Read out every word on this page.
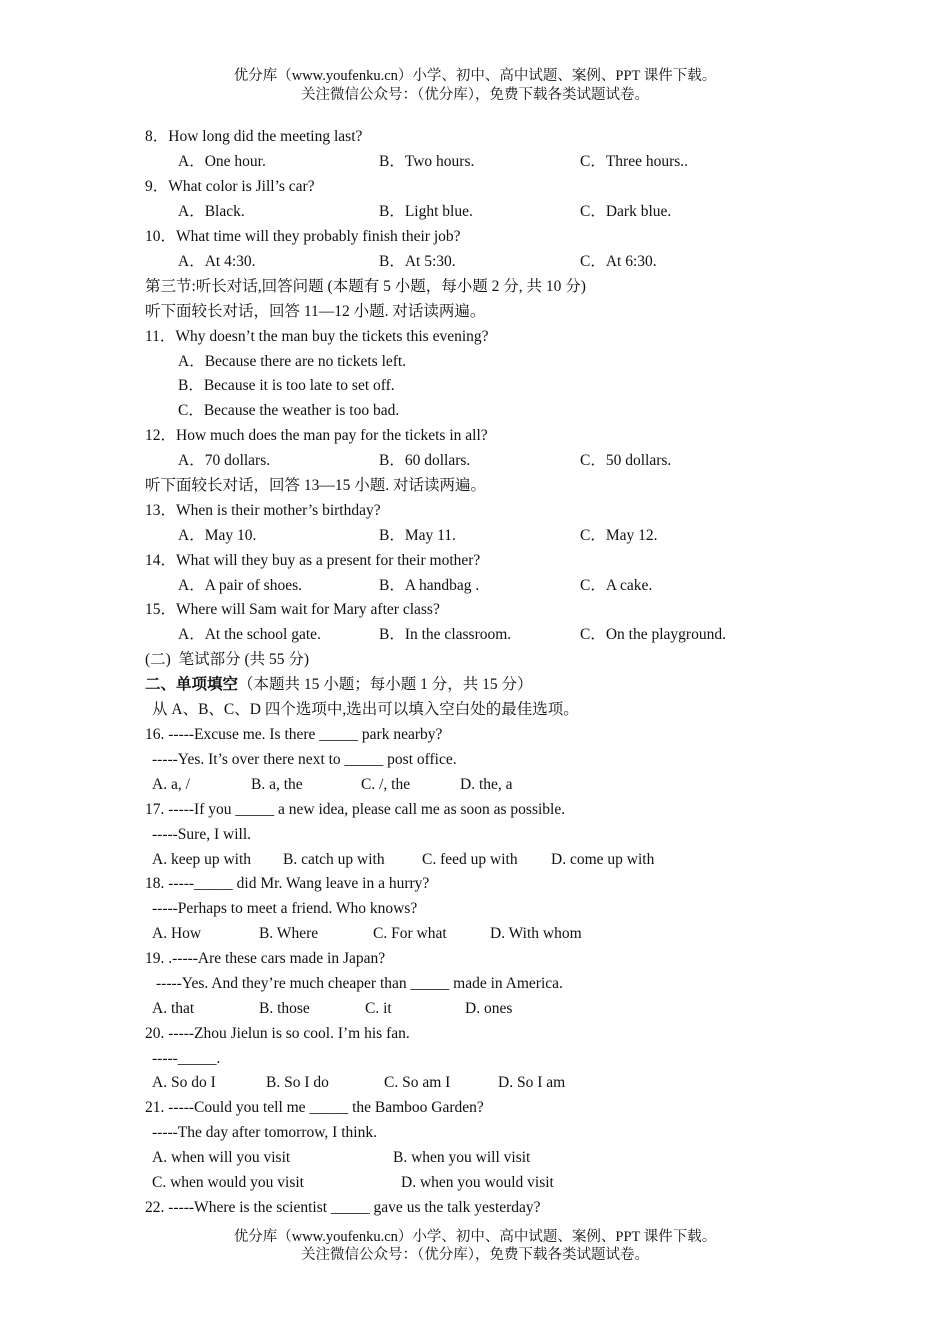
优分库（www.youfenku.cn）小学、初中、高中试题、案例、PPT 课件下载。
关注微信公众号：（优分库），免费下载各类试题试卷。
8．How long did the meeting last?
A．One hour.	B．Two hours.	C．Three hours..
9．What color is Jill’s car?
A．Black.	B．Light blue.	C．Dark blue.
10．What time will they probably finish their job?
A．At 4:30.	B．At 5:30.	C．At 6:30.
第三节:听长对话,回答问题 (本题有 5 小题，每小题 2 分, 共 10 分)
听下面较长对话，回答 11—12 小题. 对话读两遍。
11．Why doesn’t the man buy the tickets this evening?
A．Because there are no tickets left.
B．Because it is too late to set off.
C．Because the weather is too bad.
12．How much does the man pay for the tickets in all?
A．70 dollars.	B．60 dollars.	C．50 dollars.
听下面较长对话，回答 13—15 小题. 对话读两遍。
13．When is their mother’s birthday?
A．May 10.	B．May 11.	C．May 12.
14．What will they buy as a present for their mother?
A．A pair of shoes.	B．A handbag .	C．A cake.
15．Where will Sam wait for Mary after class?
A．At the school gate.	B．In the classroom.	C．On the playground.
(二)  笔试部分 (共 55 分)
二、单项填空（本题共 15 小题；每小题 1 分，共 15 分）
从 A、B、C、D 四个选项中,选出可以填入空白处的最佳选项。
16. -----Excuse me. Is there _____ park nearby?
-----Yes. It’s over there next to _____ post office.
A. a, /	B. a, the	C. /, the	D. the, a
17. -----If you _____ a new idea, please call me as soon as possible.
-----Sure, I will.
A. keep up with B. catch up with C. feed up with D. come up with
18. -----_____ did Mr. Wang leave in a hurry?
-----Perhaps to meet a friend. Who knows?
A. How	B. Where	C. For what	D. With whom
19. .-----Are these cars made in Japan?
-----Yes. And they’re much cheaper than _____ made in America.
A. that	B. those	C. it	D. ones
20. -----Zhou Jielun is so cool. I’m his fan.
-----_____.
A. So do I	B. So I do	C. So am I	D. So I am
21. -----Could you tell me _____ the Bamboo Garden?
-----The day after tomorrow, I think.
A. when will you visit	B. when you will visit
C. when would you visit	D. when you would visit
22. -----Where is the scientist _____ gave us the talk yesterday?
优分库（www.youfenku.cn）小学、初中、高中试题、案例、PPT 课件下载。
关注微信公众号：（优分库），免费下载各类试题试卷。
